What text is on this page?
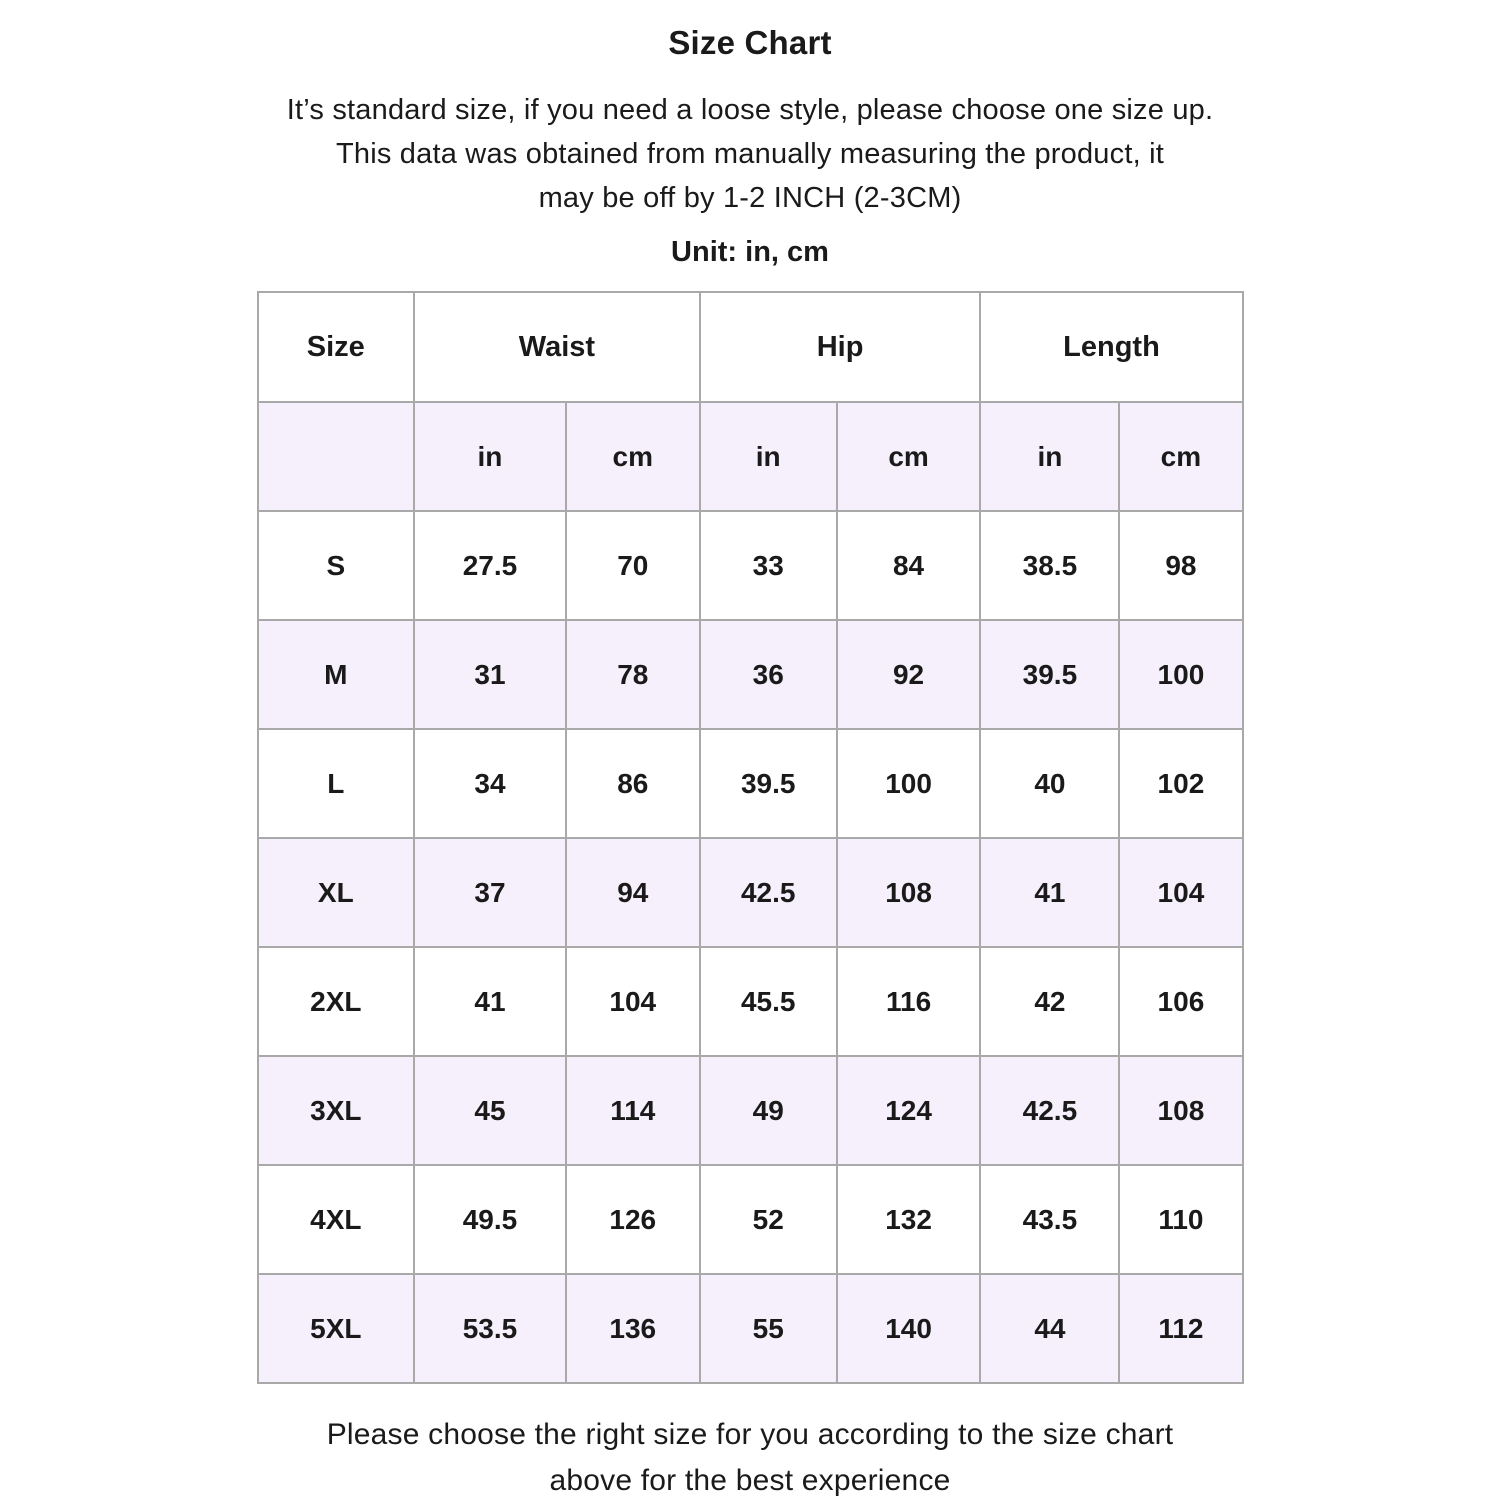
Size Chart
It’s standard size, if you need a loose style, please choose one size up.
This data was obtained from manually measuring the product, it
may be off by 1-2 INCH (2-3CM)
Unit: in, cm
Size	Waist		Hip		Length	
	in	cm	in	cm	in	cm
S	27.5	70	33	84	38.5	98
M	31	78	36	92	39.5	100
L	34	86	39.5	100	40	102
XL	37	94	42.5	108	41	104
2XL	41	104	45.5	116	42	106
3XL	45	114	49	124	42.5	108
4XL	49.5	126	52	132	43.5	110
5XL	53.5	136	55	140	44	112
Please choose the right size for you according to the size chart
above for the best experience
